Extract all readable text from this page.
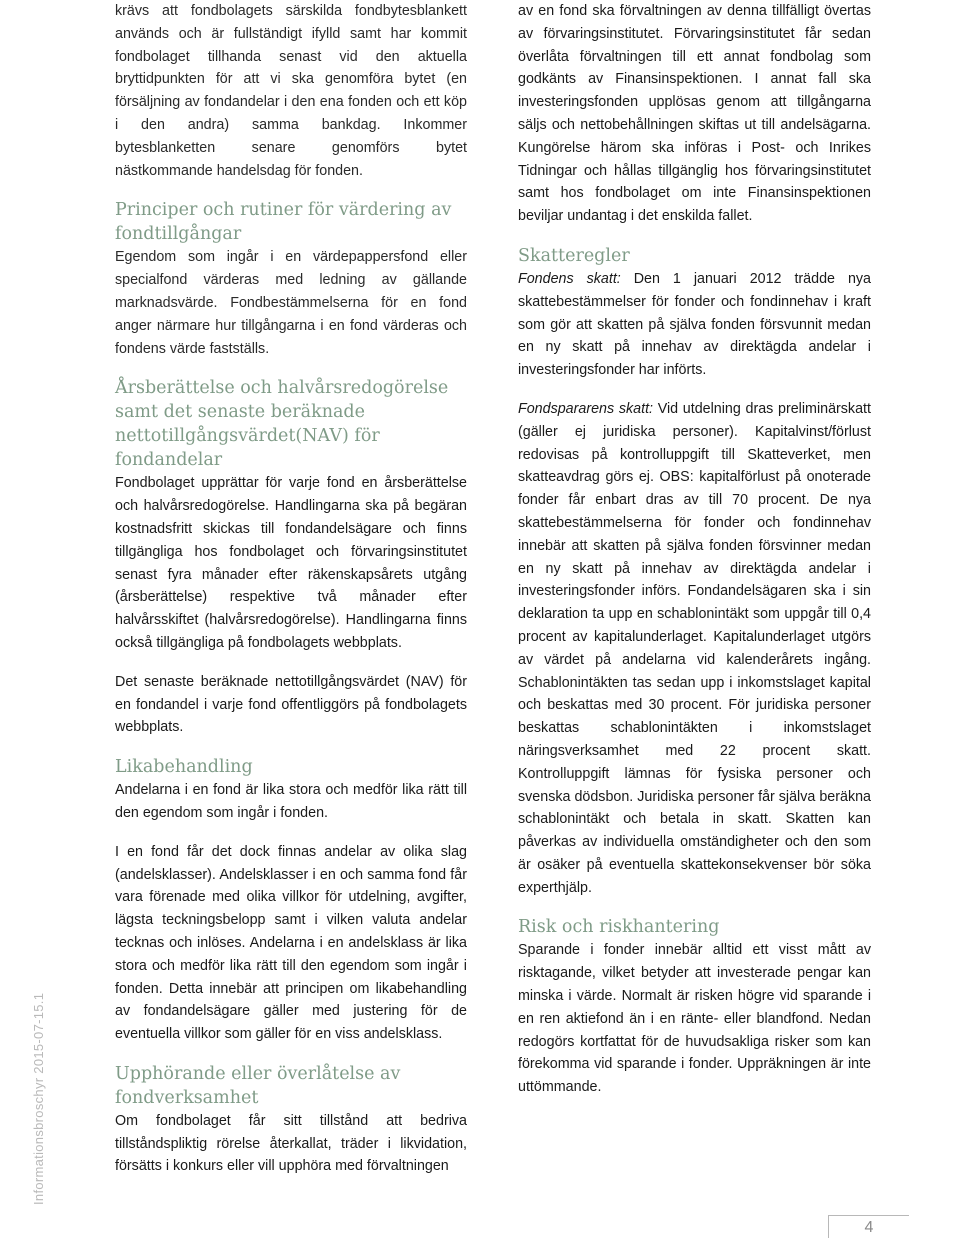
krävs att fondbolagets särskilda fondbytesblankett används och är fullständigt ifylld samt har kommit fondbolaget tillhanda senast vid den aktuella bryttidpunkten för att vi ska genomföra bytet (en försäljning av fondandelar i den ena fonden och ett köp i den andra) samma bankdag. Inkommer bytesblanketten senare genomförs bytet nästkommande handelsdag för fonden.

Principer och rutiner för värdering av fondtillgångar

Egendom som ingår i en värdepappersfond eller specialfond värderas med ledning av gällande marknadsvärde. Fondbestämmelserna för en fond anger närmare hur tillgångarna i en fond värderas och fondens värde fastställs.

Årsberättelse och halvårsredogörelse samt det senaste beräknade nettotillgångsvärdet(NAV) för fondandelar

Fondbolaget upprättar för varje fond en årsberättelse och halvårsredogörelse. Handlingarna ska på begäran kostnadsfritt skickas till fondandelsägare och finns tillgängliga hos fondbolaget och förvaringsinstitutet senast fyra månader efter räkenskapsårets utgång (årsberättelse) respektive två månader efter halvårsskiftet (halvårsredogörelse). Handlingarna finns också tillgängliga på fondbolagets webbplats.

Det senaste beräknade nettotillgångsvärdet (NAV) för en fondandel i varje fond offentliggörs på fondbolagets webbplats.

Likabehandling

Andelarna i en fond är lika stora och medför lika rätt till den egendom som ingår i fonden.

I en fond får det dock finnas andelar av olika slag (andelsklasser). Andelsklasser i en och samma fond får vara förenade med olika villkor för utdelning, avgifter, lägsta teckningsbelopp samt i vilken valuta andelar tecknas och inlöses. Andelarna i en andelsklass är lika stora och medför lika rätt till den egendom som ingår i fonden. Detta innebär att principen om likabehandling av fondandelsägare gäller med justering för de eventuella villkor som gäller för en viss andelsklass.

Upphörande eller överlåtelse av fondverksamhet

Om fondbolaget får sitt tillstånd att bedriva tillståndspliktig rörelse återkallat, träder i likvidation, försätts i konkurs eller vill upphöra med förvaltningen

av en fond ska förvaltningen av denna tillfälligt övertas av förvaringsinstitutet. Förvaringsinstitutet får sedan överlåta förvaltningen till ett annat fondbolag som godkänts av Finansinspektionen. I annat fall ska investeringsfonden upplösas genom att tillgångarna säljs och nettobehållningen skiftas ut till andelsägarna. Kungörelse härom ska införas i Post- och Inrikes Tidningar och hållas tillgänglig hos förvaringsinstitutet samt hos fondbolaget om inte Finansinspektionen beviljar undantag i det enskilda fallet.

Skatteregler

Fondens skatt: Den 1 januari 2012 trädde nya skattebestämmelser för fonder och fondinnehav i kraft som gör att skatten på själva fonden försvunnit medan en ny skatt på innehav av direktägda andelar i investeringsfonder har införts.

Fondspararens skatt: Vid utdelning dras preliminärskatt (gäller ej juridiska personer). Kapitalvinst/förlust redovisas på kontrolluppgift till Skatteverket, men skatteavdrag görs ej. OBS: kapitalförlust på onoterade fonder får enbart dras av till 70 procent. De nya skattebestämmelserna för fonder och fondinnehav innebär att skatten på själva fonden försvinner medan en ny skatt på innehav av direktägda andelar i investeringsfonder införs. Fondandelsägaren ska i sin deklaration ta upp en schablonintäkt som uppgår till 0,4 procent av kapitalunderlaget. Kapitalunderlaget utgörs av värdet på andelarna vid kalenderårets ingång. Schablonintäkten tas sedan upp i inkomstslaget kapital och beskattas med 30 procent. För juridiska personer beskattas schablonintäkten i inkomstslaget näringsverksamhet med 22 procent skatt. Kontrolluppgift lämnas för fysiska personer och svenska dödsbon. Juridiska personer får själva beräkna schablonintäkt och betala in skatt. Skatten kan påverkas av individuella omständigheter och den som är osäker på eventuella skattekonsekvenser bör söka experthjälp.

Risk och riskhantering

Sparande i fonder innebär alltid ett visst mått av risktagande, vilket betyder att investerade pengar kan minska i värde. Normalt är risken högre vid sparande i en ren aktiefond än i en ränte- eller blandfond. Nedan redogörs kortfattat för de huvudsakliga risker som kan förekomma vid sparande i fonder. Uppräkningen är inte uttömmande.

Informationsbroschyr 2015-07-15.1
4
